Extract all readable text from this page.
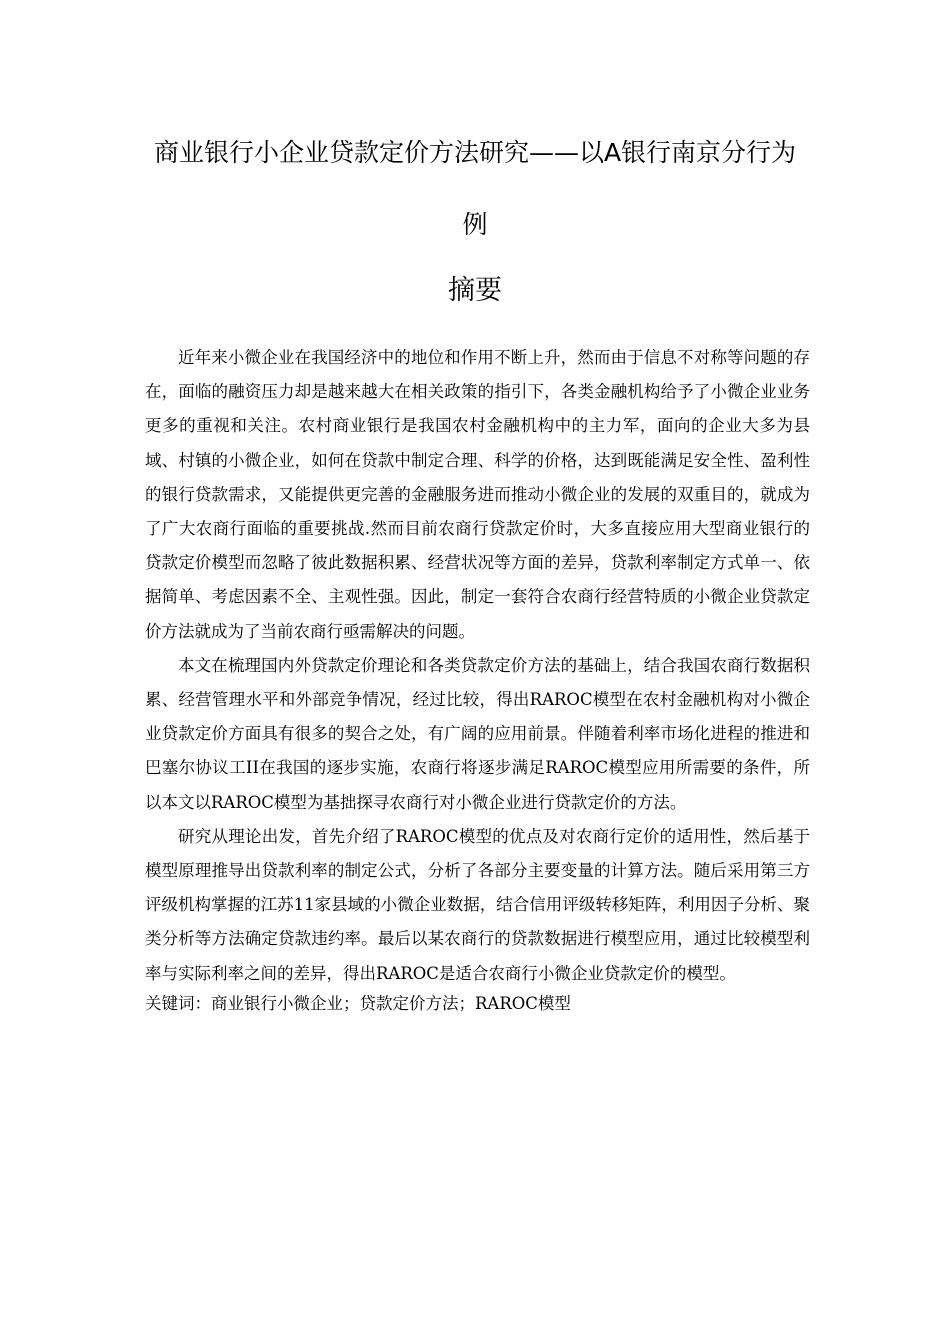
商业银行小企业贷款定价方法研究——以A银行南京分行为
例
摘要

近年来小微企业在我国经济中的地位和作用不断上升，然而由于信息不对称等问题的存在，面临的融资压力却是越来越大在相关政策的指引下，各类金融机构给予了小微企业业务更多的重视和关注。农村商业银行是我国农村金融机构中的主力军，面向的企业大多为县域、村镇的小微企业，如何在贷款中制定合理、科学的价格，达到既能满足安全性、盈利性的银行贷款需求，又能提供更完善的金融服务进而推动小微企业的发展的双重目的，就成为了广大农商行面临的重要挑战.然而目前农商行贷款定价时，大多直接应用大型商业银行的贷款定价模型而忽略了彼此数据积累、经营状况等方面的差异，贷款利率制定方式单一、依据简单、考虑因素不全、主观性强。因此，制定一套符合农商行经营特质的小微企业贷款定价方法就成为了当前农商行亟需解决的问题。

本文在梳理国内外贷款定价理论和各类贷款定价方法的基础上，结合我国农商行数据积累、经营管理水平和外部竞争情况，经过比较，得出RAROC模型在农村金融机构对小微企业贷款定价方面具有很多的契合之处，有广阔的应用前景。伴随着利率市场化进程的推进和巴塞尔协议工II在我国的逐步实施，农商行将逐步满足RAROC模型应用所需要的条件，所以本文以RAROC模型为基拙探寻农商行对小微企业进行贷款定价的方法。

研究从理论出发，首先介绍了RAROC模型的优点及对农商行定价的适用性，然后基于模型原理推导出贷款利率的制定公式，分析了各部分主要变量的计算方法。随后采用第三方评级机构掌握的江苏11家县域的小微企业数据，结合信用评级转移矩阵，利用因子分析、聚类分析等方法确定贷款违约率。最后以某农商行的贷款数据进行模型应用，通过比较模型利率与实际利率之间的差异，得出RAROC是适合农商行小微企业贷款定价的模型。

关键词：商业银行小微企业；贷款定价方法；RAROC模型
